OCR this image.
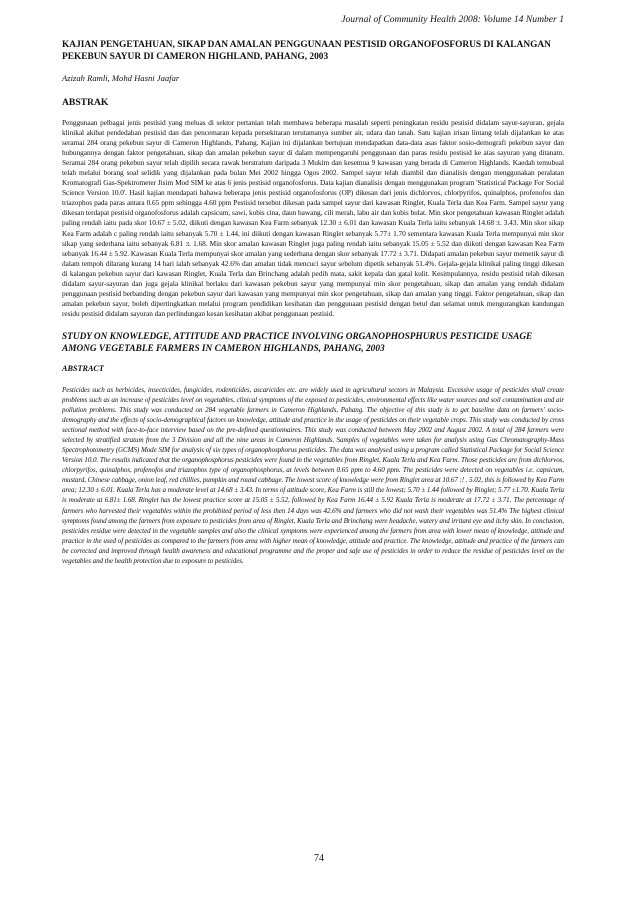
Journal of Community Health 2008: Volume 14 Number 1
KAJIAN PENGETAHUAN, SIKAP DAN AMALAN PENGGUNAAN PESTISID ORGANOFOSFORUS DI KALANGAN PEKEBUN SAYUR DI CAMERON HIGHLAND, PAHANG, 2003
Azizah Ramli, Mohd Hasni Jaafar
ABSTRAK

Penggunaan pelbagai jenis pestisid yang meluas di sektor pertanian telah membawa beberapa masalah seperti peningkatan residu pestisid didalam sayur-sayuran, gejala klinikal akibat pendedahan pestisid dan dan pencemaran kepada persekitaran terutamanya sumber air, udara dan tanah. Satu kajian irisan lintang telah dijalankan ke atas seramai 284 orang pekebun sayur di Cameron Highlands, Pahang. Kajian ini dijalankan bertujuan mendapatkan data-data asas faktor sosio-demografi pekebun sayur dan hubungannya dengan faktor pengetahuan, sikap dan amalan pekebun sayur di dalam mempengaruhi penggunaan dan paras residu pestisid ke atas sayuran yang ditanam. Seramai 284 orang pekebun sayur telah dipilih secara rawak berstratum daripada 3 Mukim dan kesemua 9 kawasan yang berada di Cameron Highlands. Kaedah temubual telah melalui borang soal selidik yang dijalankan pada bulan Mei 2002 hingga Ogos 2002. Sampel sayur telah diambil dan dianalisis dengan menggunakan peralatan Kromatografi Gas-Spektrometer Jisim Mod SIM ke atas 6 jenis pestisid organofosforus. Data kajian dianalisis dengan menggunakan program 'Statistical Package For Social Science Version 10.0'. Hasil kajian mendapati bahawa beberapa jenis pestisid organofosforus (OP) dikesan dari jenis dichlorvos, chlorpyrifos, quinalphos, profenofos dan triazophos pada paras antara 0.65 ppm sehingga 4.60 ppm Pestisid tersebut dikesan pada sampel sayur dari kawasan Ringlet, Kuala Terla dan Kea Farm. Sampel sayur yang dikesan terdapat pestisid organofosforus adalah capsicum, sawi, kobis cina, daun bawang, cili merah, labu air dan kobis bulat. Min skor pengetahuan kawasan Ringlet adalah paling rendah iaitu pada skor 10.67 ± 5.02, diikuti dengan kawasan Kea Farm sebanyak 12.30 ± 6.01 dan kawasan Kuala Terla iaitu sebanyak 14.68 :t. 3.43. Min skor sikap Kea Farm adalah c paling rendah iaitu sebanyak 5.70 ± 1.44, ini diikuti dengan kawasan Ringlet sebanyak 5.77± 1.70 sementara kawasan Kuala Terla mempunyai min skor sikap yang sederhana iaitu sebanyak 6.81 :t. 1.68. Min skor amalan kawasan Ringlet juga paling rendah iaitu sebanyak 15.05 ± 5.52 dan diikuti dengan kawasan Kea Farm sebanyak 16.44 ± 5.92. Kawasan Kuala Terla mempunyai skor amalan yang sederhana dengan skor sebanyak 17.72 ± 3.71. Didapati amalan pekebun sayur memetik sayur di dalam tempoh dilarang kurang 14 hari ialah sebanyak 42.6% dan amalan tidak mencuci sayur sebelum dipetik sebanyak 51.4%. Gejala-gejala klinikal paling tinggi dikesan di kalangan pekebun sayur dari kawasan Ringlet, Kuala Terla dan Brinchang adalah pedih mata, sakit kepala dan gatal kulit. Kesimpulannya, residu pestisid telah dikesan didalam sayur-sayuran dan juga gejala klinikal berlaku dari kawasan pekebun sayur yang mempunyai min skor pengetahuan, sikap dan amalan yang rendah didalam penggunaan pestisid berbanding dengan pekebun sayur dari kawasan yang mempunyai min skor pengetahuan, sikap dan amalan yang tinggi. Faktor pengetahuan, sikap dan amalan pekebun sayur, boleh dipertingkatkan melalui program pendidikan kesihatan dan penggunaan pestisid dengan betul dan selamat untuk mengurangkan kandungan residu pestisid didalam sayuran dan perlindungan kesan kesihatan akibat penggunaan pestisid.

STUDY ON KNOWLEDGE, ATTITUDE AND PRACTICE INVOLVING ORGANOPHOSPHURUS PESTICIDE USAGE AMONG VEGETABLE FARMERS IN CAMERON HIGHLANDS, PAHANG, 2003
ABSTRACT

Pesticides such as herbicides, insecticides, fungicides, rodenticides, ascaricides etc. are widely used in agricultural sectors in Malaysia. Excessive usage of pesticides shall create problems such as an increase of pesticides level on vegetables, clinical symptoms of the exposed to pesticides, environmental effects like water sources and soil contamination and air pollution problems. This study was conducted on 284 vegetable farmers in Cameron Highlands, Pahang. The objective of this study is to get baseline data on farmers' socio-demography and the effects of socio-demographical factors on knowledge, attitude and practice in the usage of pesticides on their vegetable crops. This study was conducted by cross sectional method with face-to-face interview based on the pre-defined questionnaires. This study was conducted between May 2002 and August 2002. A total of 284 farmers were selected by stratified stratum from the 3 Division and all the nine areas in Cameron Highlands. Samples of vegetables were taken for analysis using Gas Chromatography-Mass Spectrophotometry (GCMS) Mode SIM for analysis of six types of organophosphorus pesticides. The data was analysed using a program called Statistical Package for Social Science Version 10.0. The results indicated that the organophosphorus pesticides were found in the vegetables from Ringlet, Kuala Terla and Kea Farm. Those pesticides are from dichlorvos, chlorpyrifos, quinalphos, profenofos and triazophos type of organophosphorus, at levels between 0.65 ppm to 4.60 ppm. The pesticides were detected on vegetables i.e. capsicum, mustard, Chinese cabbage, onion leaf, red chillies, pumpkin and round cabbage. The lowest score of knowledge were from Ringlet area at 10.67 :! . 5.02, this is followed by Kea Farm area; 12.30 ± 6.01. Kuala Terla has a moderate level at 14.68 ± 3.43. In terms of attitude score, Kea Farm is still the lowest; 5.70 ± 1.44 followed by Ringlet; 5.77 ±1.70. Kuala Terla is moderate at 6.81± 1.68. Ringlet has the lowest practice score at 15.05 ± 5.52, followed by Kea Farm 16.44 ± 5.92 Kuala Terla is moderate at 17.72 ± 3.71. The percentage of farmers who harvested their vegetables within the prohibited period of less then 14 days was 42.6% and farmers who did not wash their vegetables was 51.4% The highest clinical symptoms found among the farmers from exposure to pesticides from area of Ringlet, Kuala Terla and Brinchang were headache, watery and irritant eye and itchy skin. In conclusion, pesticides residue were detected in the vegetable samples and also the clinical symptoms were experienced among the farmers from area with lower mean of knowledge, attitude and practice in the used of pesticides as compared to the farmers from area with higher mean of knowledge, attitude and practice. The knowledge, attitude and practice of the farmers can be corrected and improved through health awareness and educational programme and the proper and safe use of pesticides in order to reduce the residue of pesticides level on the vegetables and the health protection due to exposure to pesticides.

74
